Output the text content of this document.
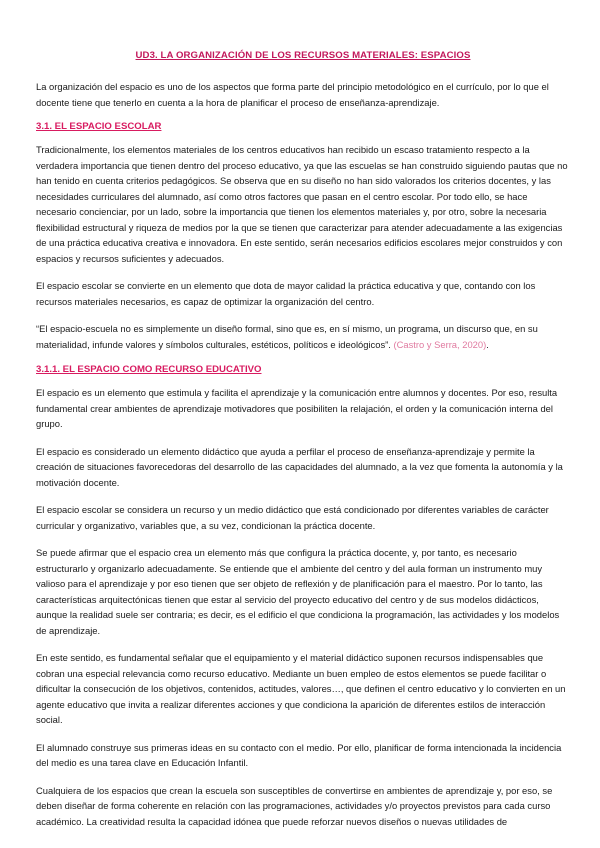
UD3. LA ORGANIZACIÓN DE LOS RECURSOS MATERIALES: ESPACIOS

La organización del espacio es uno de los aspectos que forma parte del principio metodológico en el currículo, por lo que el docente tiene que tenerlo en cuenta a la hora de planificar el proceso de enseñanza-aprendizaje.

3.1. EL ESPACIO ESCOLAR

Tradicionalmente, los elementos materiales de los centros educativos han recibido un escaso tratamiento respecto a la verdadera importancia que tienen dentro del proceso educativo, ya que las escuelas se han construido siguiendo pautas que no han tenido en cuenta criterios pedagógicos. Se observa que en su diseño no han sido valorados los criterios docentes, y las necesidades curriculares del alumnado, así como otros factores que pasan en el centro escolar. Por todo ello, se hace necesario concienciar, por un lado, sobre la importancia que tienen los elementos materiales y, por otro, sobre la necesaria flexibilidad estructural y riqueza de medios por la que se tienen que caracterizar para atender adecuadamente a las exigencias de una práctica educativa creativa e innovadora. En este sentido, serán necesarios edificios escolares mejor construidos y con espacios y recursos suficientes y adecuados.

El espacio escolar se convierte en un elemento que dota de mayor calidad la práctica educativa y que, contando con los recursos materiales necesarios, es capaz de optimizar la organización del centro.

“El espacio-escuela no es simplemente un diseño formal, sino que es, en sí mismo, un programa, un discurso que, en su materialidad, infunde valores y símbolos culturales, estéticos, políticos e ideológicos”. (Castro y Serra, 2020).

3.1.1. EL ESPACIO COMO RECURSO EDUCATIVO

El espacio es un elemento que estimula y facilita el aprendizaje y la comunicación entre alumnos y docentes. Por eso, resulta fundamental crear ambientes de aprendizaje motivadores que posibiliten la relajación, el orden y la comunicación interna del grupo.

El espacio es considerado un elemento didáctico que ayuda a perfilar el proceso de enseñanza-aprendizaje y permite la creación de situaciones favorecedoras del desarrollo de las capacidades del alumnado, a la vez que fomenta la autonomía y la motivación docente.

El espacio escolar se considera un recurso y un medio didáctico que está condicionado por diferentes variables de carácter curricular y organizativo, variables que, a su vez, condicionan la práctica docente.

Se puede afirmar que el espacio crea un elemento más que configura la práctica docente, y, por tanto, es necesario estructurarlo y organizarlo adecuadamente. Se entiende que el ambiente del centro y del aula forman un instrumento muy valioso para el aprendizaje y por eso tienen que ser objeto de reflexión y de planificación para el maestro. Por lo tanto, las características arquitectónicas tienen que estar al servicio del proyecto educativo del centro y de sus modelos didácticos, aunque la realidad suele ser contraria; es decir, es el edificio el que condiciona la programación, las actividades y los modelos de aprendizaje.

En este sentido, es fundamental señalar que el equipamiento y el material didáctico suponen recursos indispensables que cobran una especial relevancia como recurso educativo. Mediante un buen empleo de estos elementos se puede facilitar o dificultar la consecución de los objetivos, contenidos, actitudes, valores…, que definen el centro educativo y lo convierten en un agente educativo que invita a realizar diferentes acciones y que condiciona la aparición de diferentes estilos de interacción social.

El alumnado construye sus primeras ideas en su contacto con el medio. Por ello, planificar de forma intencionada la incidencia del medio es una tarea clave en Educación Infantil.

Cualquiera de los espacios que crean la escuela son susceptibles de convertirse en ambientes de aprendizaje y, por eso, se deben diseñar de forma coherente en relación con las programaciones, actividades y/o proyectos previstos para cada curso académico. La creatividad resulta la capacidad idónea que puede reforzar nuevos diseños o nuevas utilidades de
